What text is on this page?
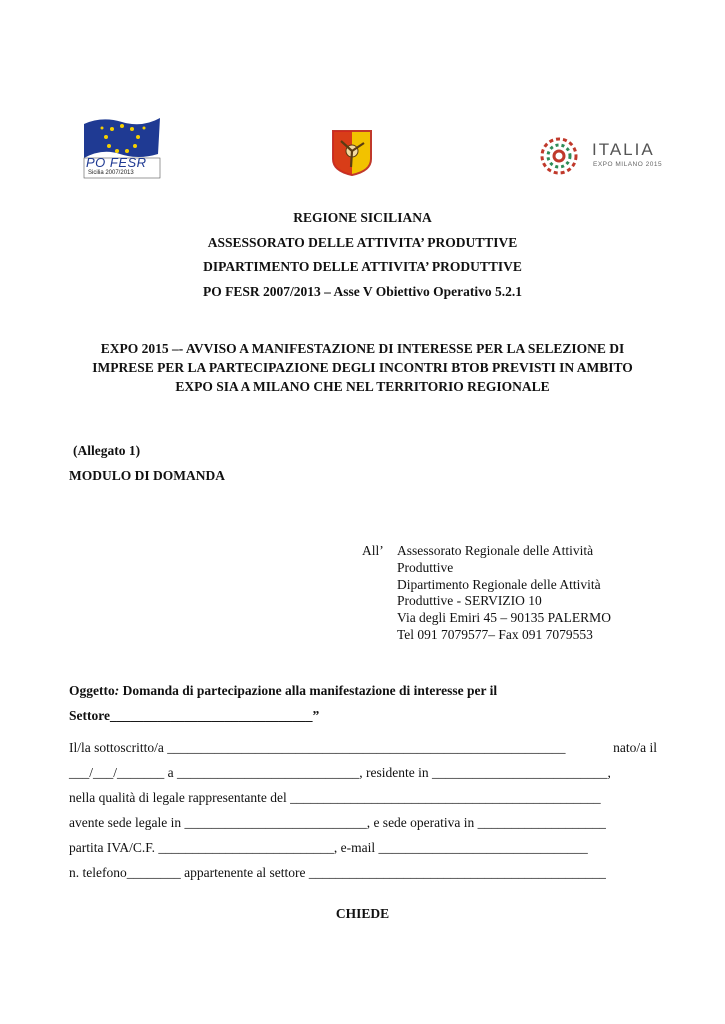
PO FESR
Sicilia 2007/2013
ITALIA
EXPO MILANO 2015
REGIONE SICILIANA
ASSESSORATO DELLE ATTIVITA’ PRODUTTIVE
DIPARTIMENTO DELLE ATTIVITA’ PRODUTTIVE
PO FESR 2007/2013 – Asse V Obiettivo Operativo 5.2.1
EXPO 2015 –- AVVISO A MANIFESTAZIONE DI INTERESSE PER LA SELEZIONE DI
IMPRESE PER LA PARTECIPAZIONE DEGLI INCONTRI BTOB PREVISTI IN AMBITO
EXPO SIA A MILANO CHE NEL TERRITORIO REGIONALE
(Allegato 1)
MODULO DI DOMANDA
All’ Assessorato Regionale delle Attività
Produttive
Dipartimento Regionale delle Attività
Produttive - SERVIZIO 10
Via degli Emiri 45 – 90135 PALERMO
Tel 091 7079577– Fax 091 7079553
Oggetto: Domanda di partecipazione alla manifestazione di interesse per il
Settore______________________________”
Il/la sottoscritto/a ___________________________________________________________	nato/a il
___/___/_______ a ___________________________, residente in __________________________,
nella qualità di legale rappresentante del ______________________________________________
avente sede legale in ___________________________, e sede operativa in ___________________
partita IVA/C.F. __________________________, e-mail _______________________________
n. telefono________ appartenente al settore ____________________________________________
CHIEDE
